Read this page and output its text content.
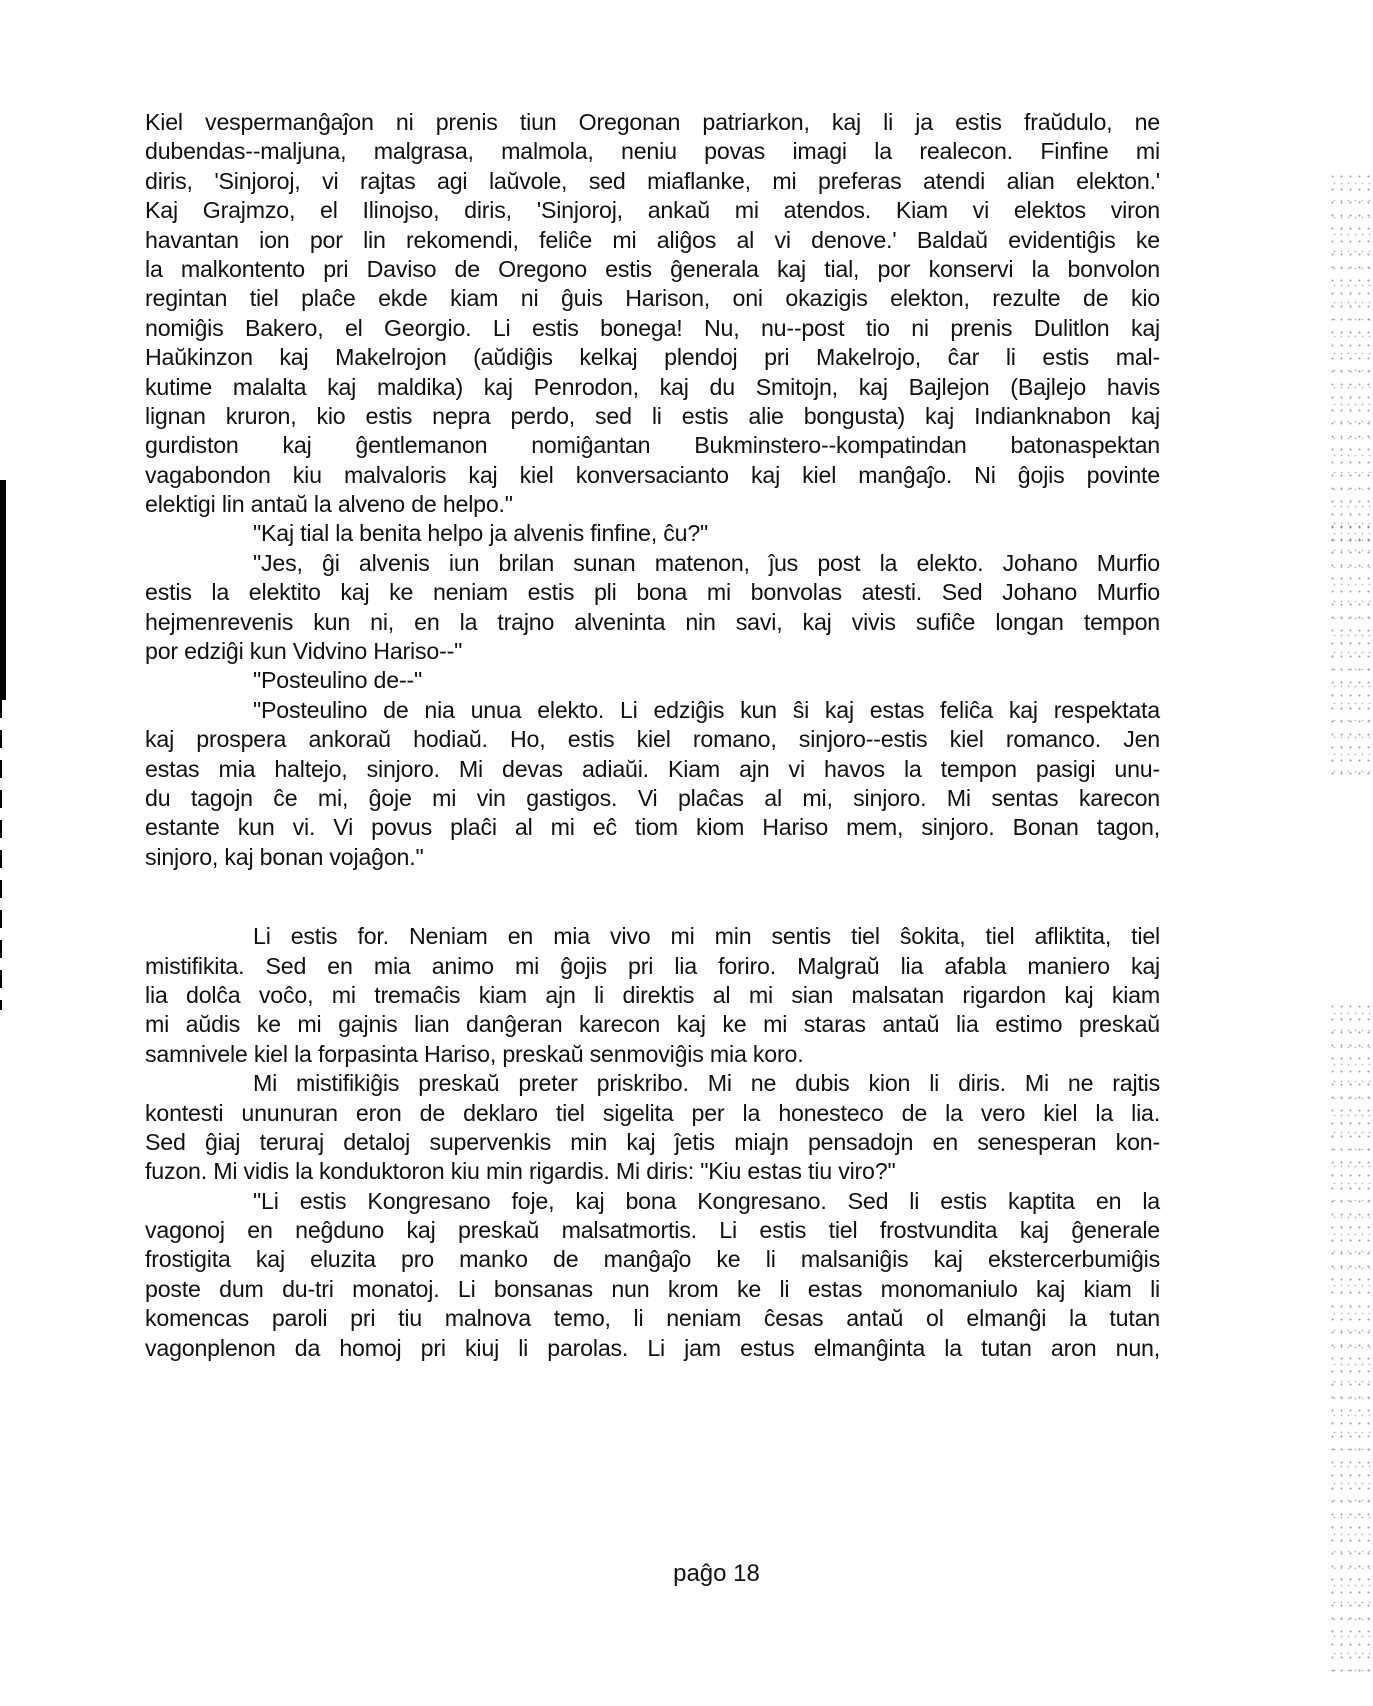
Kiel vespermanĝaĵon ni prenis tiun Oregonan patriarkon, kaj li ja estis fraŭdulo, ne
dubendas--maljuna, malgrasa, malmola, neniu povas imagi la realecon. Finfine mi
diris, 'Sinjoroj, vi rajtas agi laŭvole, sed miaflanke, mi preferas atendi alian elekton.'
Kaj Grajmzo, el Ilinojso, diris, 'Sinjoroj, ankaŭ mi atendos. Kiam vi elektos viron
havantan ion por lin rekomendi, feliĉe mi aliĝos al vi denove.' Baldaŭ evidentiĝis ke
la malkontento pri Daviso de Oregono estis ĝenerala kaj tial, por konservi la bonvolon
regintan tiel plaĉe ekde kiam ni ĝuis Harison, oni okazigis elekton, rezulte de kio
nomiĝis Bakero, el Georgio. Li estis bonega! Nu, nu--post tio ni prenis Dulitlon kaj
Haŭkinzon kaj Makelrojon (aŭdiĝis kelkaj plendoj pri Makelrojo, ĉar li estis mal-
kutime malalta kaj maldika) kaj Penrodon, kaj du Smitojn, kaj Bajlejon (Bajlejo havis
lignan kruron, kio estis nepra perdo, sed li estis alie bongusta) kaj Indianknabon kaj
gurdiston kaj ĝentlemanon nomiĝantan Bukminstero--kompatindan batonaspektan
vagabondon kiu malvaloris kaj kiel konversacianto kaj kiel manĝaĵo. Ni ĝojis povinte
elektigi lin antaŭ la alveno de helpo."
"Kaj tial la benita helpo ja alvenis finfine, ĉu?"
"Jes, ĝi alvenis iun brilan sunan matenon, ĵus post la elekto. Johano Murfio
estis la elektito kaj ke neniam estis pli bona mi bonvolas atesti. Sed Johano Murfio
hejmenrevenis kun ni, en la trajno alveninta nin savi, kaj vivis sufiĉe longan tempon
por edziĝi kun Vidvino Hariso--"
"Posteulino de--"
"Posteulino de nia unua elekto. Li edziĝis kun ŝi kaj estas feliĉa kaj respektata
kaj prospera ankoraŭ hodiaŭ. Ho, estis kiel romano, sinjoro--estis kiel romanco. Jen
estas mia haltejo, sinjoro. Mi devas adiaŭi. Kiam ajn vi havos la tempon pasigi unu-
du tagojn ĉe mi, ĝoje mi vin gastigos. Vi plaĉas al mi, sinjoro. Mi sentas karecon
estante kun vi. Vi povus plaĉi al mi eĉ tiom kiom Hariso mem, sinjoro. Bonan tagon,
sinjoro, kaj bonan vojaĝon."
Li estis for. Neniam en mia vivo mi min sentis tiel ŝokita, tiel afliktita, tiel
mistifikita. Sed en mia animo mi ĝojis pri lia foriro. Malgraŭ lia afabla maniero kaj
lia dolĉa voĉo, mi tremaĉis kiam ajn li direktis al mi sian malsatan rigardon kaj kiam
mi aŭdis ke mi gajnis lian danĝeran karecon kaj ke mi staras antaŭ lia estimo preskaŭ
samnivele kiel la forpasinta Hariso, preskaŭ senmoviĝis mia koro.
Mi mistifikiĝis preskaŭ preter priskribo. Mi ne dubis kion li diris. Mi ne rajtis
kontesti ununuran eron de deklaro tiel sigelita per la honesteco de la vero kiel la lia.
Sed ĝiaj teruraj detaloj supervenkis min kaj ĵetis miajn pensadojn en senesperan kon-
fuzon. Mi vidis la konduktoron kiu min rigardis. Mi diris: "Kiu estas tiu viro?"
"Li estis Kongresano foje, kaj bona Kongresano. Sed li estis kaptita en la
vagonoj en neĝduno kaj preskaŭ malsatmortis. Li estis tiel frostvundita kaj ĝenerale
frostigita kaj eluzita pro manko de manĝaĵo ke li malsaniĝis kaj ekstercerbumiĝis
poste dum du-tri monatoj. Li bonsanas nun krom ke li estas monomaniulo kaj kiam li
komencas paroli pri tiu malnova temo, li neniam ĉesas antaŭ ol elmanĝi la tutan
vagonplenon da homoj pri kiuj li parolas. Li jam estus elmanĝinta la tutan aron nun,
paĝo 18
